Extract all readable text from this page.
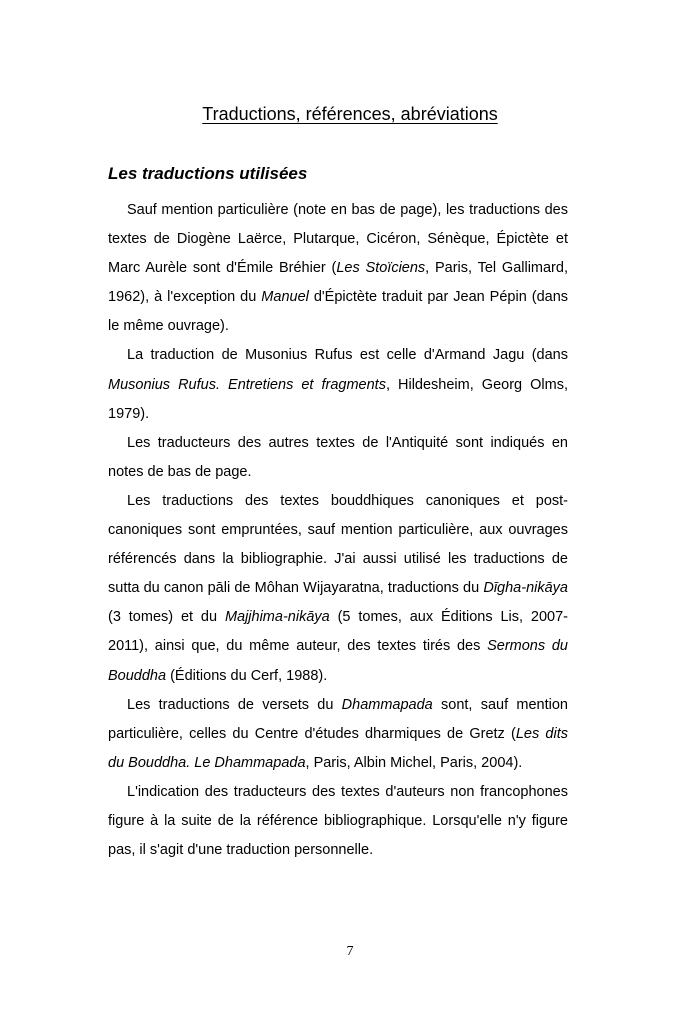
Traductions, références, abréviations
Les traductions utilisées

Sauf mention particulière (note en bas de page), les traductions des textes de Diogène Laërce, Plutarque, Cicéron, Sénèque, Épictète et Marc Aurèle sont d'Émile Bréhier (Les Stoïciens, Paris, Tel Gallimard, 1962), à l'exception du Manuel d'Épictète traduit par Jean Pépin (dans le même ouvrage).

La traduction de Musonius Rufus est celle d'Armand Jagu (dans Musonius Rufus. Entretiens et fragments, Hildesheim, Georg Olms, 1979).

Les traducteurs des autres textes de l'Antiquité sont indiqués en notes de bas de page.

Les traductions des textes bouddhiques canoniques et post-canoniques sont empruntées, sauf mention particulière, aux ouvrages référencés dans la bibliographie. J'ai aussi utilisé les traductions de sutta du canon pāli de Môhan Wijayaratna, traductions du Dīgha-nikāya (3 tomes) et du Majjhima-nikāya (5 tomes, aux Éditions Lis, 2007-2011), ainsi que, du même auteur, des textes tirés des Sermons du Bouddha (Éditions du Cerf, 1988).

Les traductions de versets du Dhammapada sont, sauf mention particulière, celles du Centre d'études dharmiques de Gretz (Les dits du Bouddha. Le Dhammapada, Paris, Albin Michel, Paris, 2004).

L'indication des traducteurs des textes d'auteurs non francophones figure à la suite de la référence bibliographique. Lorsqu'elle n'y figure pas, il s'agit d'une traduction personnelle.

7
